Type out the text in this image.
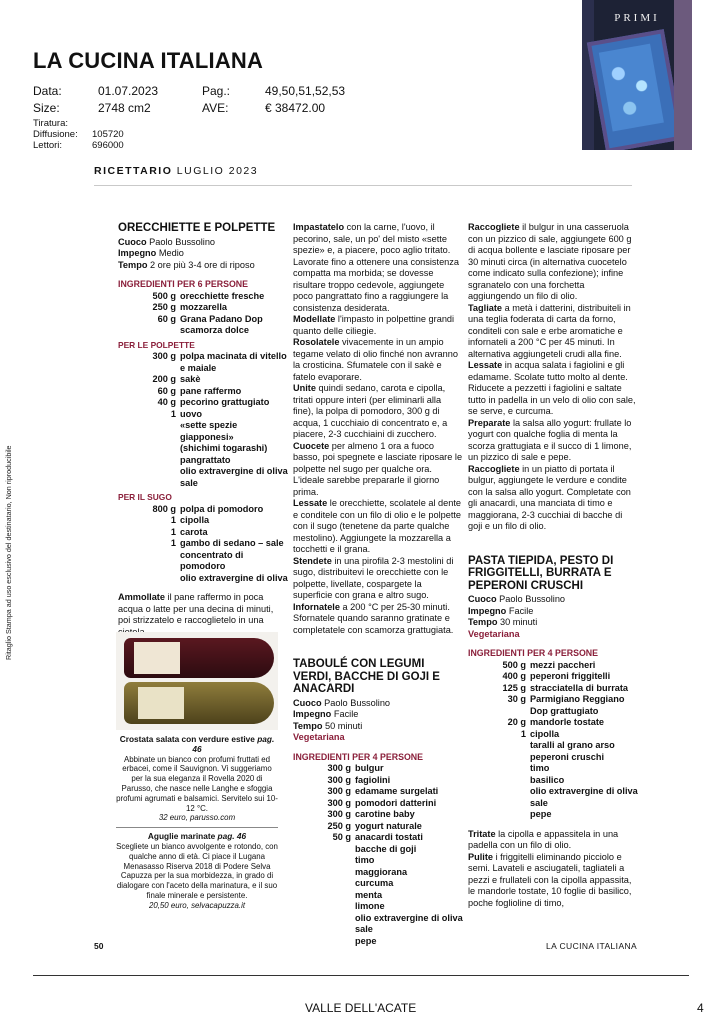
LA CUCINA ITALIANA
Data:	01.07.2023	Pag.:	49,50,51,52,53
Size:	2748 cm2	AVE:	€ 38472.00
Tiratura:
Diffusione: 105720
Lettori:	696000
PRIMI
Ritaglio Stampa ad uso esclusivo del destinatario, Non riproducibile
RICETTARIO LUGLIO 2023
ORECCHIETTE E POLPETTE
Cuoco Paolo Bussolino
Impegno Medio
Tempo 2 ore più 3-4 ore di riposo
INGREDIENTI PER 6 PERSONE
500 g orecchiette fresche
250 g mozzarella
60 g Grana Padano Dop
scamorza dolce
PER LE POLPETTE
300 g polpa macinata di vitello
e maiale
200 g sakè
60 g pane raffermo
40 g pecorino grattugiato
1 uovo
«sette spezie giapponesi»
(shichimi togarashi)
pangrattato
olio extravergine di oliva
sale
PER IL SUGO
800 g polpa di pomodoro
1 cipolla
1 carota
1 gambo di sedano – sale
concentrato di pomodoro
olio extravergine di oliva
Ammollate il pane raffermo in poca acqua o latte per una decina di minuti, poi strizzatelo e raccoglietelo in una
Crostata salata con verdure estive pag. 46
Abbinate un bianco con profumi fruttati ed erbacei, come il Sauvignon. Vi suggeriamo per la sua eleganza il Rovella 2020 di Parusso, che nasce nelle Langhe e sfoggia profumi agrumati e balsamici. Servitelo sui 10-12 °C.
32 euro, parusso.com
Aguglie marinate pag. 46
Scegliete un bianco avvolgente e rotondo, con qualche anno di età. Ci piace il Lugana Menasasso Riserva 2018 di Podere Selva Capuzza per la sua morbidezza, in grado di dialogare con l'aceto della marinatura, e il suo finale minerale e persistente.
20,50 euro, selvacapuzza.it
Impastatelo con la carne, l'uovo, il pecorino, sale, un po' del misto «sette spezie» e, a piacere, poco aglio tritato. Lavorate fino a ottenere una consistenza compatta ma morbida; se dovesse risultare troppo cedevole, aggiungete poco pangrattato fino a raggiungere la consistenza desiderata.
Modellate l'impasto in polpettine grandi quanto delle ciliegie.
Rosolatele vivacemente in un ampio tegame velato di olio finché non avranno la crosticina. Sfumatele con il sakè e fatelo evaporare.
Unite quindi sedano, carota e cipolla, tritati oppure interi (per eliminarli alla fine), la polpa di pomodoro, 300 g di acqua, 1 cucchiaio di concentrato e, a piacere, 2-3 cucchiaini di zucchero.
Cuocete per almeno 1 ora a fuoco basso, poi spegnete e lasciate riposare le polpette nel sugo per qualche ora. L'ideale sarebbe prepararle il giorno prima.
Lessate le orecchiette, scolatele al dente e conditele con un filo di olio e le polpette con il sugo (tenetene da parte qualche mestolino). Aggiungete la mozzarella a tocchetti e il grana.
Stendete in una pirofila 2-3 mestolini di sugo, distribuitevi le orecchiette con le polpette, livellate, cospargete la superficie con grana e altro sugo.
Infornatele a 200 °C per 25-30 minuti. Sfornatele quando saranno gratinate e completatele con scamorza grattugiata.
TABOULÉ CON LEGUMI VERDI, BACCHE DI GOJI E ANACARDI
Cuoco Paolo Bussolino
Impegno Facile
Tempo 50 minuti
Vegetariana
INGREDIENTI PER 4 PERSONE
300 g bulgur
300 g fagiolini
300 g edamame surgelati
300 g pomodori datterini
300 g carotine baby
250 g yogurt naturale
50 g anacardi tostati
bacche di goji
timo
maggiorana
curcuma
menta
limone
olio extravergine di oliva
sale
pepe
Raccogliete il bulgur in una casseruola con un pizzico di sale, aggiungete 600 g di acqua bollente e lasciate riposare per 30 minuti circa (in alternativa cuocetelo come indicato sulla confezione); infine sgranatelo con una forchetta aggiungendo un filo di olio.
Tagliate a metà i datterini, distribuiteli in una teglia foderata di carta da forno, conditeli con sale e erbe aromatiche e infornateli a 200 °C per 45 minuti. In alternativa aggiungeteli crudi alla fine.
Lessate in acqua salata i fagiolini e gli edamame. Scolate tutto molto al dente. Riducete a pezzetti i fagiolini e saltate tutto in padella in un velo di olio con sale, se serve, e curcuma.
Preparate la salsa allo yogurt: frullate lo yogurt con qualche foglia di menta la scorza grattugiata e il succo di 1 limone, un pizzico di sale e pepe.
Raccogliete in un piatto di portata il bulgur, aggiungete le verdure e condite con la salsa allo yogurt. Completate con gli anacardi, una manciata di timo e maggiorana, 2-3 cucchiai di bacche di goji e un filo di olio.
PASTA TIEPIDA, PESTO DI FRIGGITELLI, BURRATA E PEPERONI CRUSCHI
Cuoco Paolo Bussolino
Impegno Facile
Tempo 30 minuti
Vegetariana
INGREDIENTI PER 4 PERSONE
500 g mezzi paccheri
400 g peperoni friggitelli
125 g stracciatella di burrata
30 g Parmigiano Reggiano
Dop grattugiato
20 g mandorle tostate
1 cipolla
taralli al grano arso
peperoni cruschi
timo
basilico
olio extravergine di oliva
sale
pepe
Tritate la cipolla e appassitela in una padella con un filo di olio.
Pulite i friggitelli eliminando picciolo e semi. Lavateli e asciugateli, tagliateli a pezzi e frullateli con la cipolla appassita, le mandorle tostate, 10 foglie di basilico, poche foglioline di timo,
50	LA CUCINA ITALIANA
VALLE DELL'ACATE	4
